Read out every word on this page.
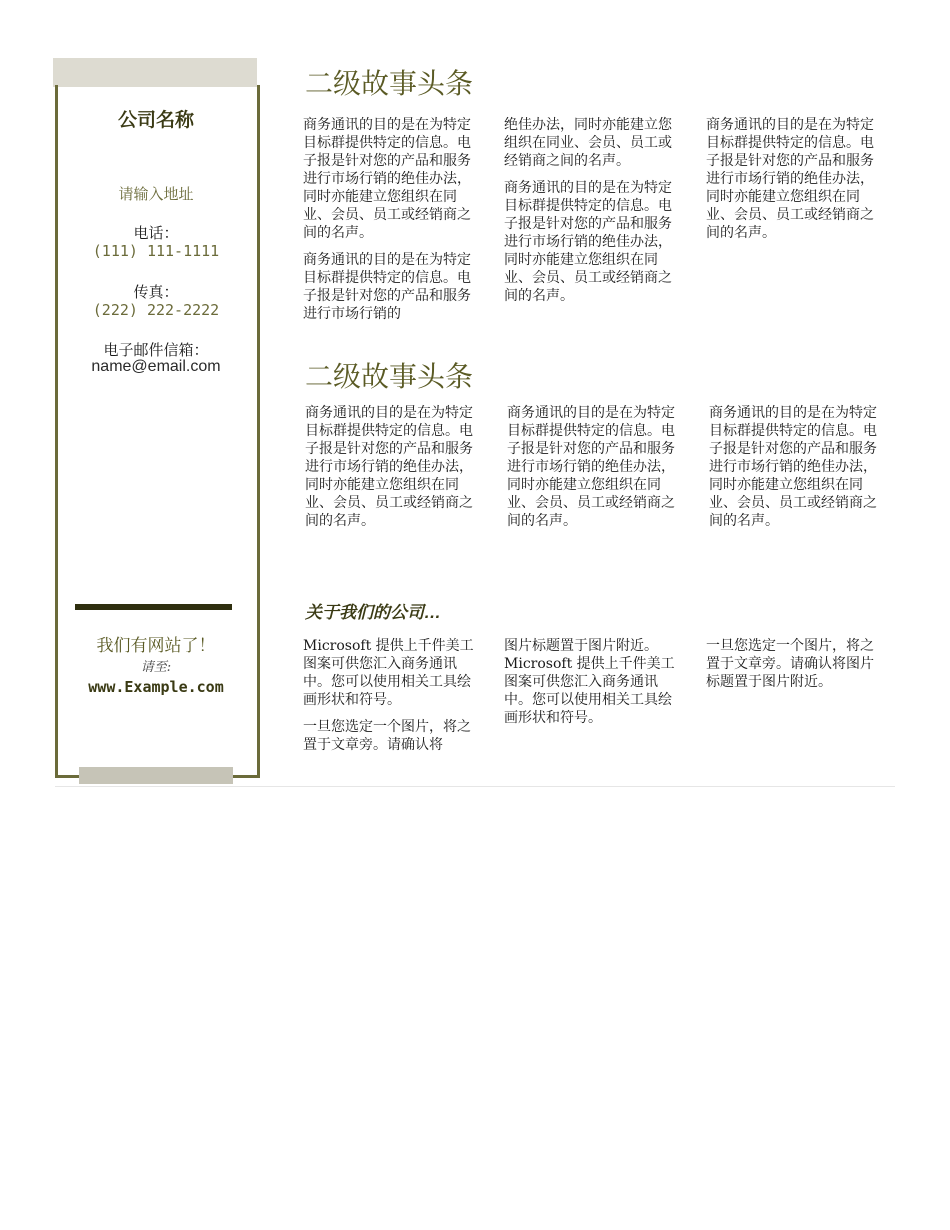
公司名称
请输入地址
电话：
(111) 111-1111
传真：
(222) 222-2222
电子邮件信箱：
name@email.com
我们有网站了！
请至:
www.Example.com
二级故事头条

商务通讯的目的是在为特定目标群提供特定的信息。电子报是针对您的产品和服务进行市场行销的绝佳办法，同时亦能建立您组织在同业、会员、员工或经销商之间的名声。

商务通讯的目的是在为特定目标群提供特定的信息。电子报是针对您的产品和服务进行市场行销的

绝佳办法，同时亦能建立您组织在同业、会员、员工或经销商之间的名声。

商务通讯的目的是在为特定目标群提供特定的信息。电子报是针对您的产品和服务进行市场行销的绝佳办法，同时亦能建立您组织在同业、会员、员工或经销商之间的名声。

商务通讯的目的是在为特定目标群提供特定的信息。电子报是针对您的产品和服务进行市场行销的绝佳办法，同时亦能建立您组织在同业、会员、员工或经销商之间的名声。

二级故事头条

商务通讯的目的是在为特定目标群提供特定的信息。电子报是针对您的产品和服务进行市场行销的绝佳办法，同时亦能建立您组织在同业、会员、员工或经销商之间的名声。

商务通讯的目的是在为特定目标群提供特定的信息。电子报是针对您的产品和服务进行市场行销的绝佳办法，同时亦能建立您组织在同业、会员、员工或经销商之间的名声。

商务通讯的目的是在为特定目标群提供特定的信息。电子报是针对您的产品和服务进行市场行销的绝佳办法，同时亦能建立您组织在同业、会员、员工或经销商之间的名声。

关于我们的公司…

Microsoft 提供上千件美工图案可供您汇入商务通讯中。您可以使用相关工具绘画形状和符号。

一旦您选定一个图片，将之置于文章旁。请确认将

图片标题置于图片附近。Microsoft 提供上千件美工图案可供您汇入商务通讯中。您可以使用相关工具绘画形状和符号。

一旦您选定一个图片，将之置于文章旁。请确认将图片标题置于图片附近。
